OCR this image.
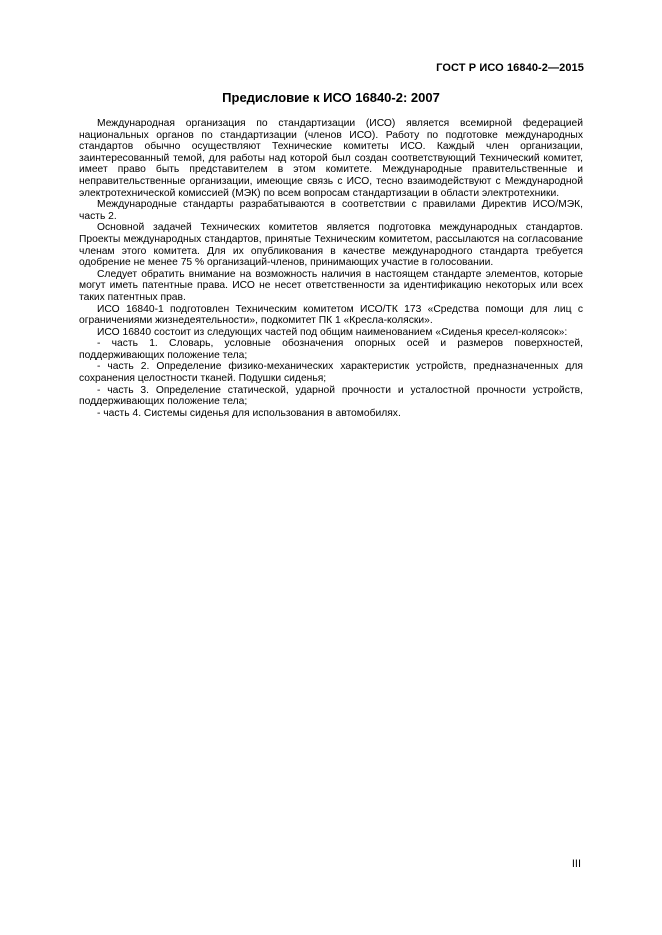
ГОСТ Р ИСО 16840-2—2015
Предисловие к ИСО 16840-2: 2007

Международная организация по стандартизации (ИСО) является всемирной федерацией национальных органов по стандартизации (членов ИСО). Работу по подготовке международных стандартов обычно осуществляют Технические комитеты ИСО. Каждый член организации, заинтересованный темой, для работы над которой был создан соответствующий Технический комитет, имеет право быть представителем в этом комитете. Международные правительственные и неправительственные организации, имеющие связь с ИСО, тесно взаимодействуют с Международной электротехнической комиссией (МЭК) по всем вопросам стандартизации в области электротехники.

Международные стандарты разрабатываются в соответствии с правилами Директив ИСО/МЭК, часть 2.

Основной задачей Технических комитетов является подготовка международных стандартов. Проекты международных стандартов, принятые Техническим комитетом, рассылаются на согласование членам этого комитета. Для их опубликования в качестве международного стандарта требуется одобрение не менее 75 % организаций-членов, принимающих участие в голосовании.

Следует обратить внимание на возможность наличия в настоящем стандарте элементов, которые могут иметь патентные права. ИСО не несет ответственности за идентификацию некоторых или всех таких патентных прав.

ИСО 16840-1 подготовлен Техническим комитетом ИСО/ТК 173 «Средства помощи для лиц с ограничениями жизнедеятельности», подкомитет ПК 1 «Кресла-коляски».

ИСО 16840 состоит из следующих частей под общим наименованием «Сиденья кресел-колясок»:

- часть 1. Словарь, условные обозначения опорных осей и размеров поверхностей, поддерживающих положение тела;

- часть 2. Определение физико-механических характеристик устройств, предназначенных для сохранения целостности тканей. Подушки сиденья;

- часть 3. Определение статической, ударной прочности и усталостной прочности устройств, поддерживающих положение тела;

- часть 4. Системы сиденья для использования в автомобилях.

III
